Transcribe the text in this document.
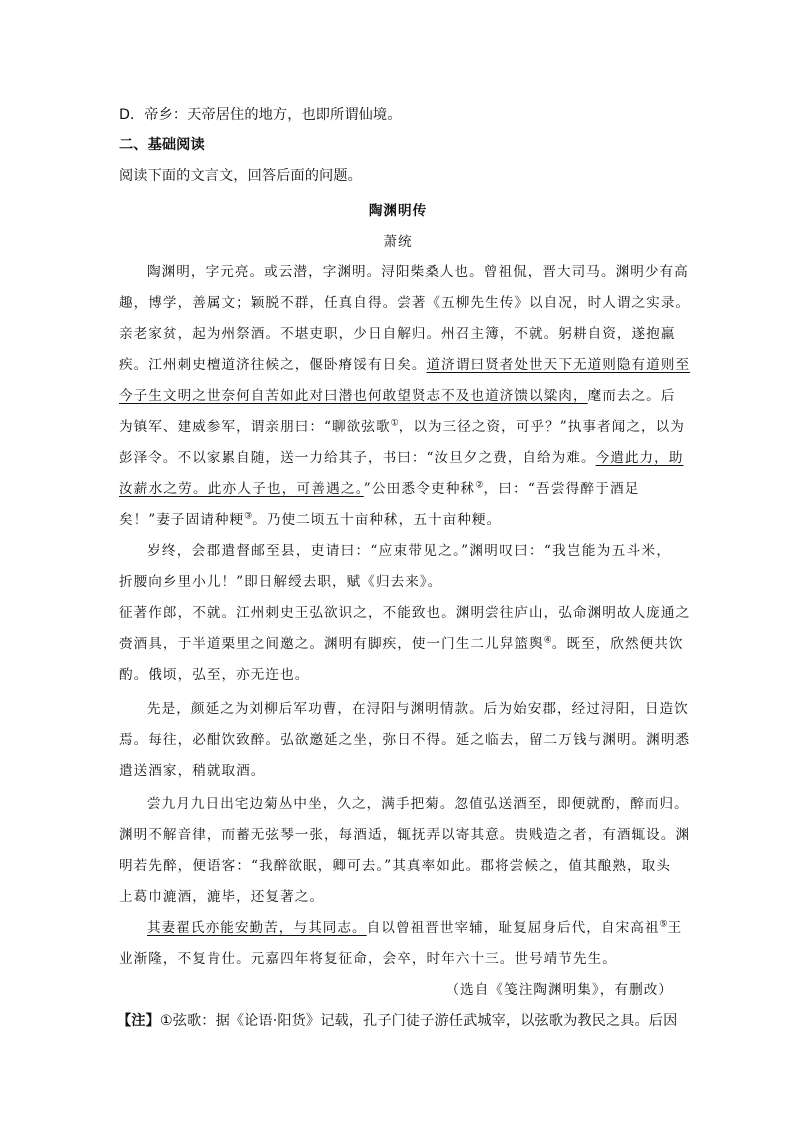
D．帝乡：天帝居住的地方，也即所谓仙境。
二、基础阅读
阅读下面的文言文，回答后面的问题。
陶渊明传
萧统
陶渊明，字元亮。或云潜，字渊明。浔阳柴桑人也。曾祖侃，晋大司马。渊明少有高
趣，博学，善属文；颖脱不群，任真自得。尝著《五柳先生传》以自况，时人谓之实录。
亲老家贫，起为州祭酒。不堪吏职，少日自解归。州召主簿，不就。躬耕自资，遂抱羸
疾。江州刺史檀道济往候之，偃卧瘠馁有日矣。道济谓曰贤者处世天下无道则隐有道则至
今子生文明之世奈何自苦如此对曰潜也何敢望贤志不及也道济馈以粱肉，麾而去之。后
为镇军、建威参军，谓亲朋曰：“聊欲弦歌①，以为三径之资，可乎？”执事者闻之，以为
彭泽令。不以家累自随，送一力给其子，书曰：“汝旦夕之费，自给为难。今遣此力，助
汝薪水之劳。此亦人子也，可善遇之。”公田悉令吏种秫②，曰：“吾尝得醉于酒足
矣！”妻子固请种粳③。乃使二顷五十亩种秫，五十亩种粳。
岁终，会郡遣督邮至县，吏请曰：“应束带见之。”渊明叹曰：“我岂能为五斗米，
折腰向乡里小儿！”即日解绶去职，赋《归去来》。
征著作郎，不就。江州刺史王弘欲识之，不能致也。渊明尝往庐山，弘命渊明故人庞通之
赍酒具，于半道栗里之间邀之。渊明有脚疾，使一门生二儿舁篮舆④。既至，欣然便共饮
酌。俄顷，弘至，亦无迕也。
先是，颜延之为刘柳后军功曹，在浔阳与渊明情款。后为始安郡，经过浔阳，日造饮
焉。每往，必酣饮致醉。弘欲邀延之坐，弥日不得。延之临去，留二万钱与渊明。渊明悉
遣送酒家，稍就取酒。
尝九月九日出宅边菊丛中坐，久之，满手把菊。忽值弘送酒至，即便就酌，醉而归。
渊明不解音律，而蓄无弦琴一张，每酒适，辄抚弄以寄其意。贵贱造之者，有酒辄设。渊
明若先醉，便语客：“我醉欲眠，卿可去。”其真率如此。郡将尝候之，值其酿熟，取头
上葛巾漉酒，漉毕，还复著之。
其妻翟氏亦能安勤苦，与其同志。自以曾祖晋世宰辅，耻复屈身后代，自宋高祖⑤王
业渐隆，不复肯仕。元嘉四年将复征命，会卒，时年六十三。世号靖节先生。
（选自《笺注陶渊明集》，有删改）
【注】①弦歌：据《论语·阳货》记载，孔子门徒子游任武城宰，以弦歌为教民之具。后因
